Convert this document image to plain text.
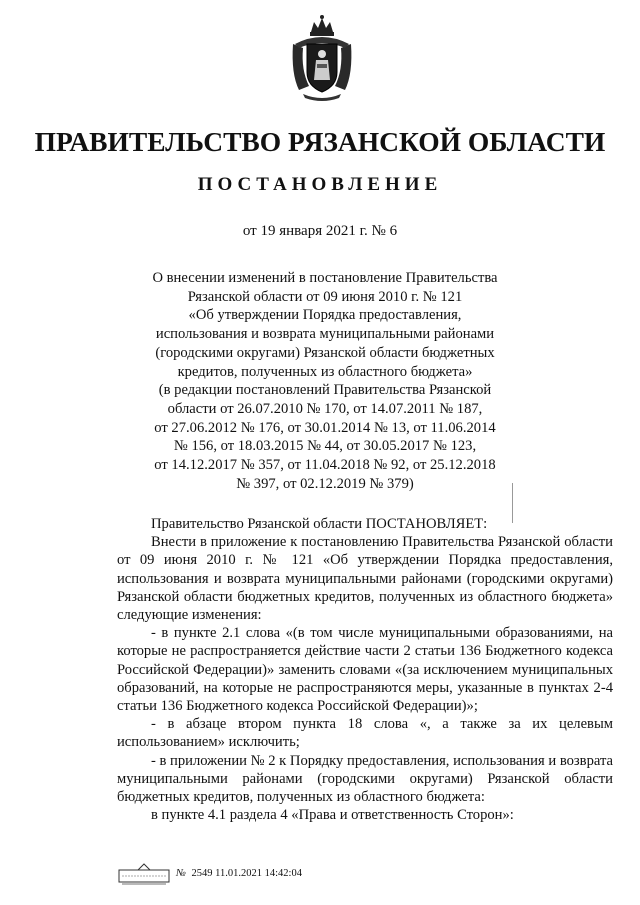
ПРАВИТЕЛЬСТВО РЯЗАНСКОЙ ОБЛАСТИ
ПОСТАНОВЛЕНИЕ
от 19 января 2021 г. № 6
О внесении изменений в постановление Правительства
Рязанской области от 09 июня 2010 г. № 121
«Об утверждении Порядка предоставления,
использования и возврата муниципальными районами
(городскими округами) Рязанской области бюджетных
кредитов, полученных из областного бюджета»
(в редакции постановлений Правительства Рязанской
области от 26.07.2010 № 170, от 14.07.2011 № 187,
от 27.06.2012 № 176, от 30.01.2014 № 13, от 11.06.2014
№ 156, от 18.03.2015 № 44, от 30.05.2017 № 123,
от 14.12.2017 № 357, от 11.04.2018 № 92, от 25.12.2018
№ 397, от 02.12.2019 № 379)

Правительство Рязанской области ПОСТАНОВЛЯЕТ:

Внести в приложение к постановлению Правительства Рязанской области от 09 июня 2010 г. № 121 «Об утверждении Порядка предоставления, использования и возврата муниципальными районами (городскими округами) Рязанской области бюджетных кредитов, полученных из областного бюджета» следующие изменения:

- в пункте 2.1 слова «(в том числе муниципальными образованиями, на которые не распространяется действие части 2 статьи 136 Бюджетного кодекса Российской Федерации)» заменить словами «(за исключением муниципальных образований, на которые не распространяются меры, указанные в пунктах 2-4 статьи 136 Бюджетного кодекса Российской Федерации)»;

- в абзаце втором пункта 18 слова «, а также за их целевым использованием» исключить;

- в приложении № 2 к Порядку предоставления, использования и возврата муниципальными районами (городскими округами) Рязанской области бюджетных кредитов, полученных из областного бюджета:

в пункте 4.1 раздела 4 «Права и ответственность Сторон»:

№ 2549 11.01.2021 14:42:04
